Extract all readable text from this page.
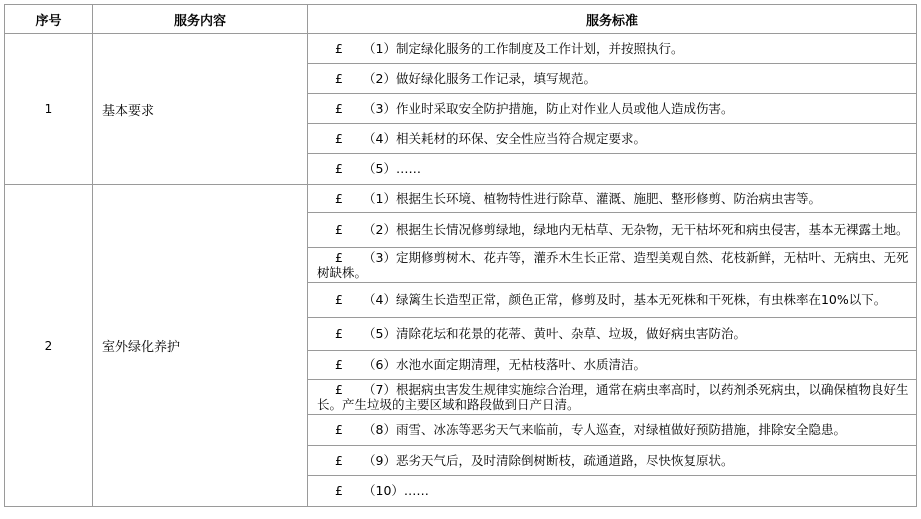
序号	服务内容	服务标准
1	基本要求	£ （1）制定绿化服务的工作制度及工作计划，并按照执行。
		£ （2）做好绿化服务工作记录，填写规范。
		£ （3）作业时采取安全防护措施，防止对作业人员或他人造成伤害。
		£ （4）相关耗材的环保、安全性应当符合规定要求。
		£ （5）……
2	室外绿化养护	£ （1）根据生长环境、植物特性进行除草、灌溉、施肥、整形修剪、防治病虫害等。
		£ （2）根据生长情况修剪绿地，绿地内无枯草、无杂物，无干枯坏死和病虫侵害，基本无裸露土地。
		£ （3）定期修剪树木、花卉等，灌乔木生长正常、造型美观自然、花枝新鲜，无枯叶、无病虫、无死树缺株。
		£ （4）绿篱生长造型正常，颜色正常，修剪及时，基本无死株和干死株，有虫株率在10%以下。
		£ （5）清除花坛和花景的花蒂、黄叶、杂草、垃圾，做好病虫害防治。
		£ （6）水池水面定期清理，无枯枝落叶、水质清洁。
		£ （7）根据病虫害发生规律实施综合治理，通常在病虫率高时，以药剂杀死病虫，以确保植物良好生长。产生垃圾的主要区域和路段做到日产日清。
		£ （8）雨雪、冰冻等恶劣天气来临前，专人巡查，对绿植做好预防措施，排除安全隐患。
		£ （9）恶劣天气后，及时清除倒树断枝，疏通道路，尽快恢复原状。
		£ （10）……
